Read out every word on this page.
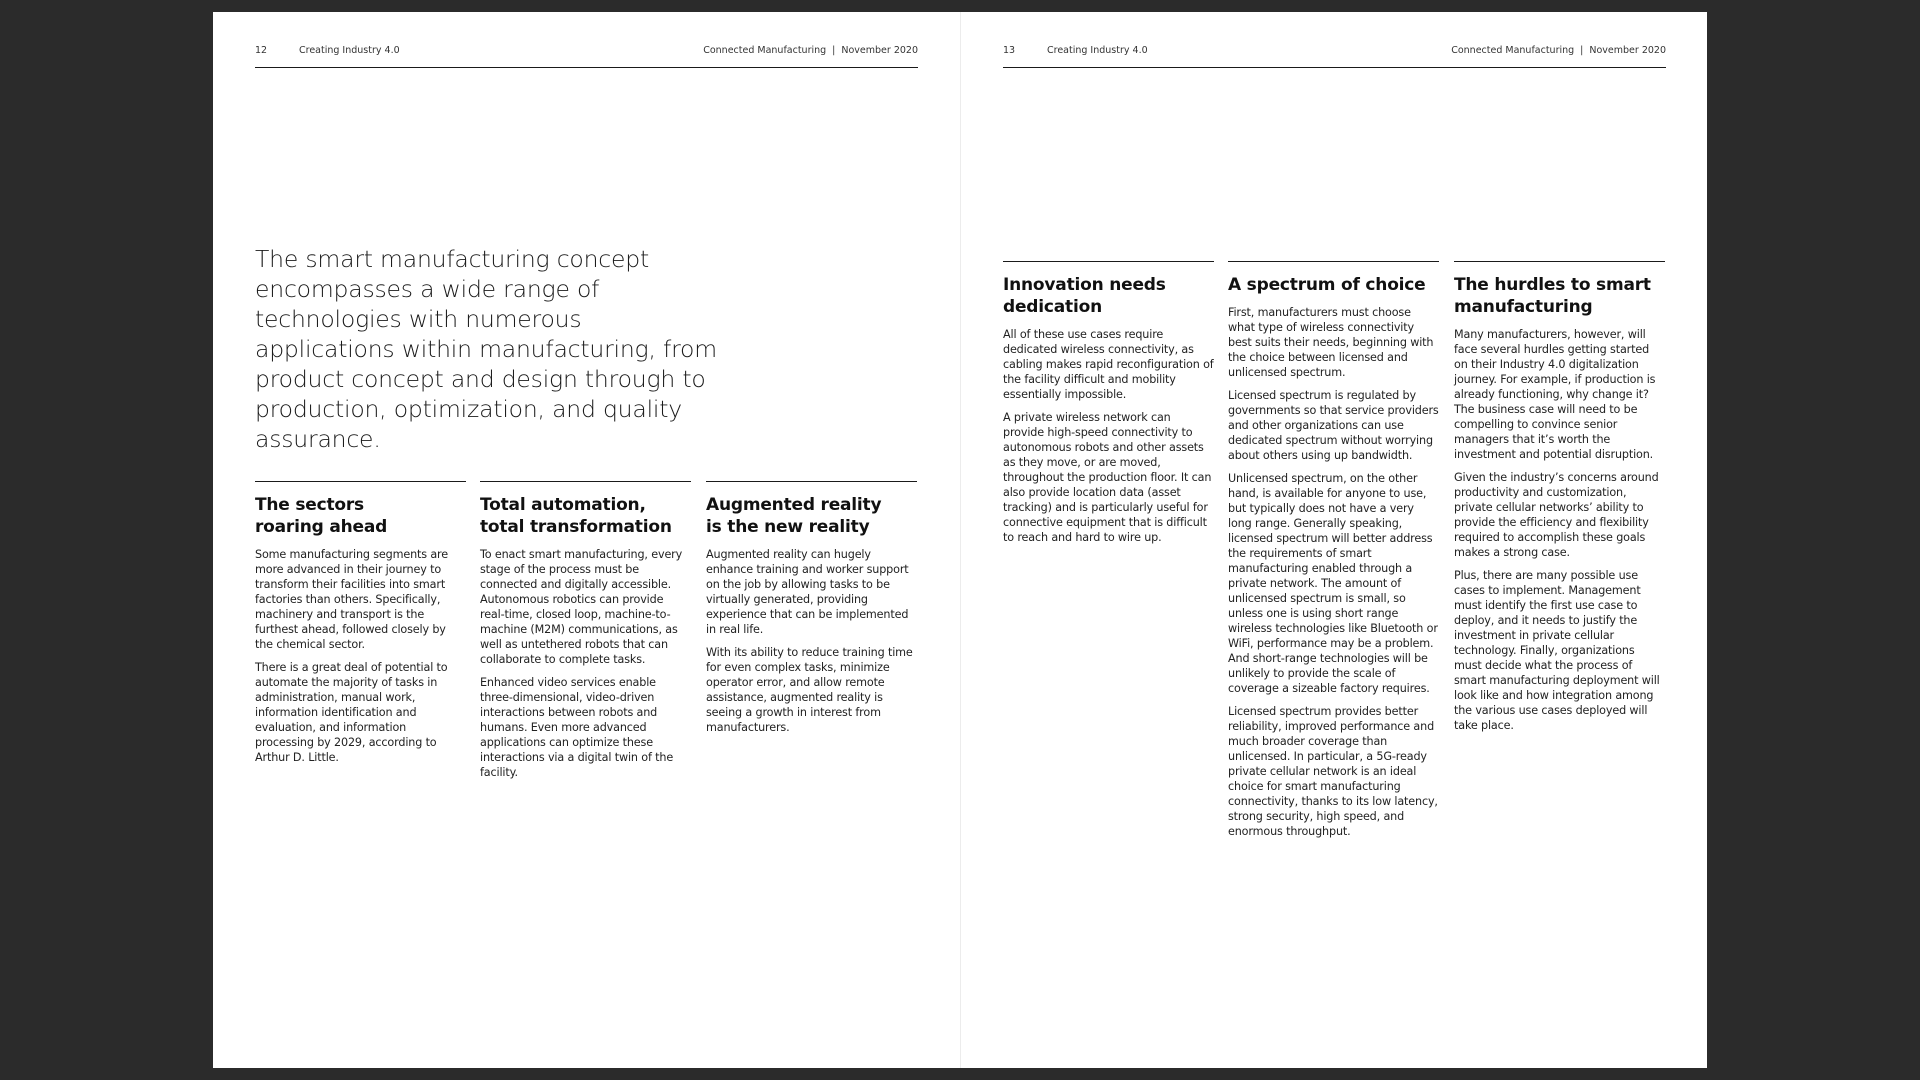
12	Creating Industry 4.0	Connected Manufacturing | November 2020
The smart manufacturing concept encompasses a wide range of technologies with numerous applications within manufacturing, from product concept and design through to production, optimization, and quality assurance.
The sectors
roaring ahead

Some manufacturing segments are more advanced in their journey to transform their facilities into smart factories than others. Specifically, machinery and transport is the furthest ahead, followed closely by the chemical sector.

There is a great deal of potential to automate the majority of tasks in administration, manual work, information identification and evaluation, and information processing by 2029, according to Arthur D. Little.

Total automation,
total transformation

To enact smart manufacturing, every stage of the process must be connected and digitally accessible. Autonomous robotics can provide real-time, closed loop, machine-to-machine (M2M) communications, as well as untethered robots that can collaborate to complete tasks.

Enhanced video services enable three-dimensional, video-driven interactions between robots and humans. Even more advanced applications can optimize these interactions via a digital twin of the facility.

Augmented reality
is the new reality

Augmented reality can hugely enhance training and worker support on the job by allowing tasks to be virtually generated, providing experience that can be implemented in real life.

With its ability to reduce training time for even complex tasks, minimize operator error, and allow remote assistance, augmented reality is seeing a growth in interest from manufacturers.

13	Creating Industry 4.0	Connected Manufacturing | November 2020
Innovation needs
dedication

All of these use cases require dedicated wireless connectivity, as cabling makes rapid reconfiguration of the facility difficult and mobility essentially impossible.

A private wireless network can provide high-speed connectivity to autonomous robots and other assets as they move, or are moved, throughout the production floor. It can also provide location data (asset tracking) and is particularly useful for connective equipment that is difficult to reach and hard to wire up.

A spectrum of choice

First, manufacturers must choose what type of wireless connectivity best suits their needs, beginning with the choice between licensed and unlicensed spectrum.

Licensed spectrum is regulated by governments so that service providers and other organizations can use dedicated spectrum without worrying about others using up bandwidth.

Unlicensed spectrum, on the other hand, is available for anyone to use, but typically does not have a very long range. Generally speaking, licensed spectrum will better address the requirements of smart manufacturing enabled through a private network. The amount of unlicensed spectrum is small, so unless one is using short range wireless technologies like Bluetooth or WiFi, performance may be a problem. And short-range technologies will be unlikely to provide the scale of coverage a sizeable factory requires.

Licensed spectrum provides better reliability, improved performance and much broader coverage than unlicensed. In particular, a 5G-ready private cellular network is an ideal choice for smart manufacturing connectivity, thanks to its low latency, strong security, high speed, and enormous throughput.

The hurdles to smart
manufacturing

Many manufacturers, however, will face several hurdles getting started on their Industry 4.0 digitalization journey. For example, if production is already functioning, why change it? The business case will need to be compelling to convince senior managers that it’s worth the investment and potential disruption.

Given the industry’s concerns around productivity and customization, private cellular networks’ ability to provide the efficiency and flexibility required to accomplish these goals makes a strong case.

Plus, there are many possible use cases to implement. Management must identify the first use case to deploy, and it needs to justify the investment in private cellular technology. Finally, organizations must decide what the process of smart manufacturing deployment will look like and how integration among the various use cases deployed will take place.
